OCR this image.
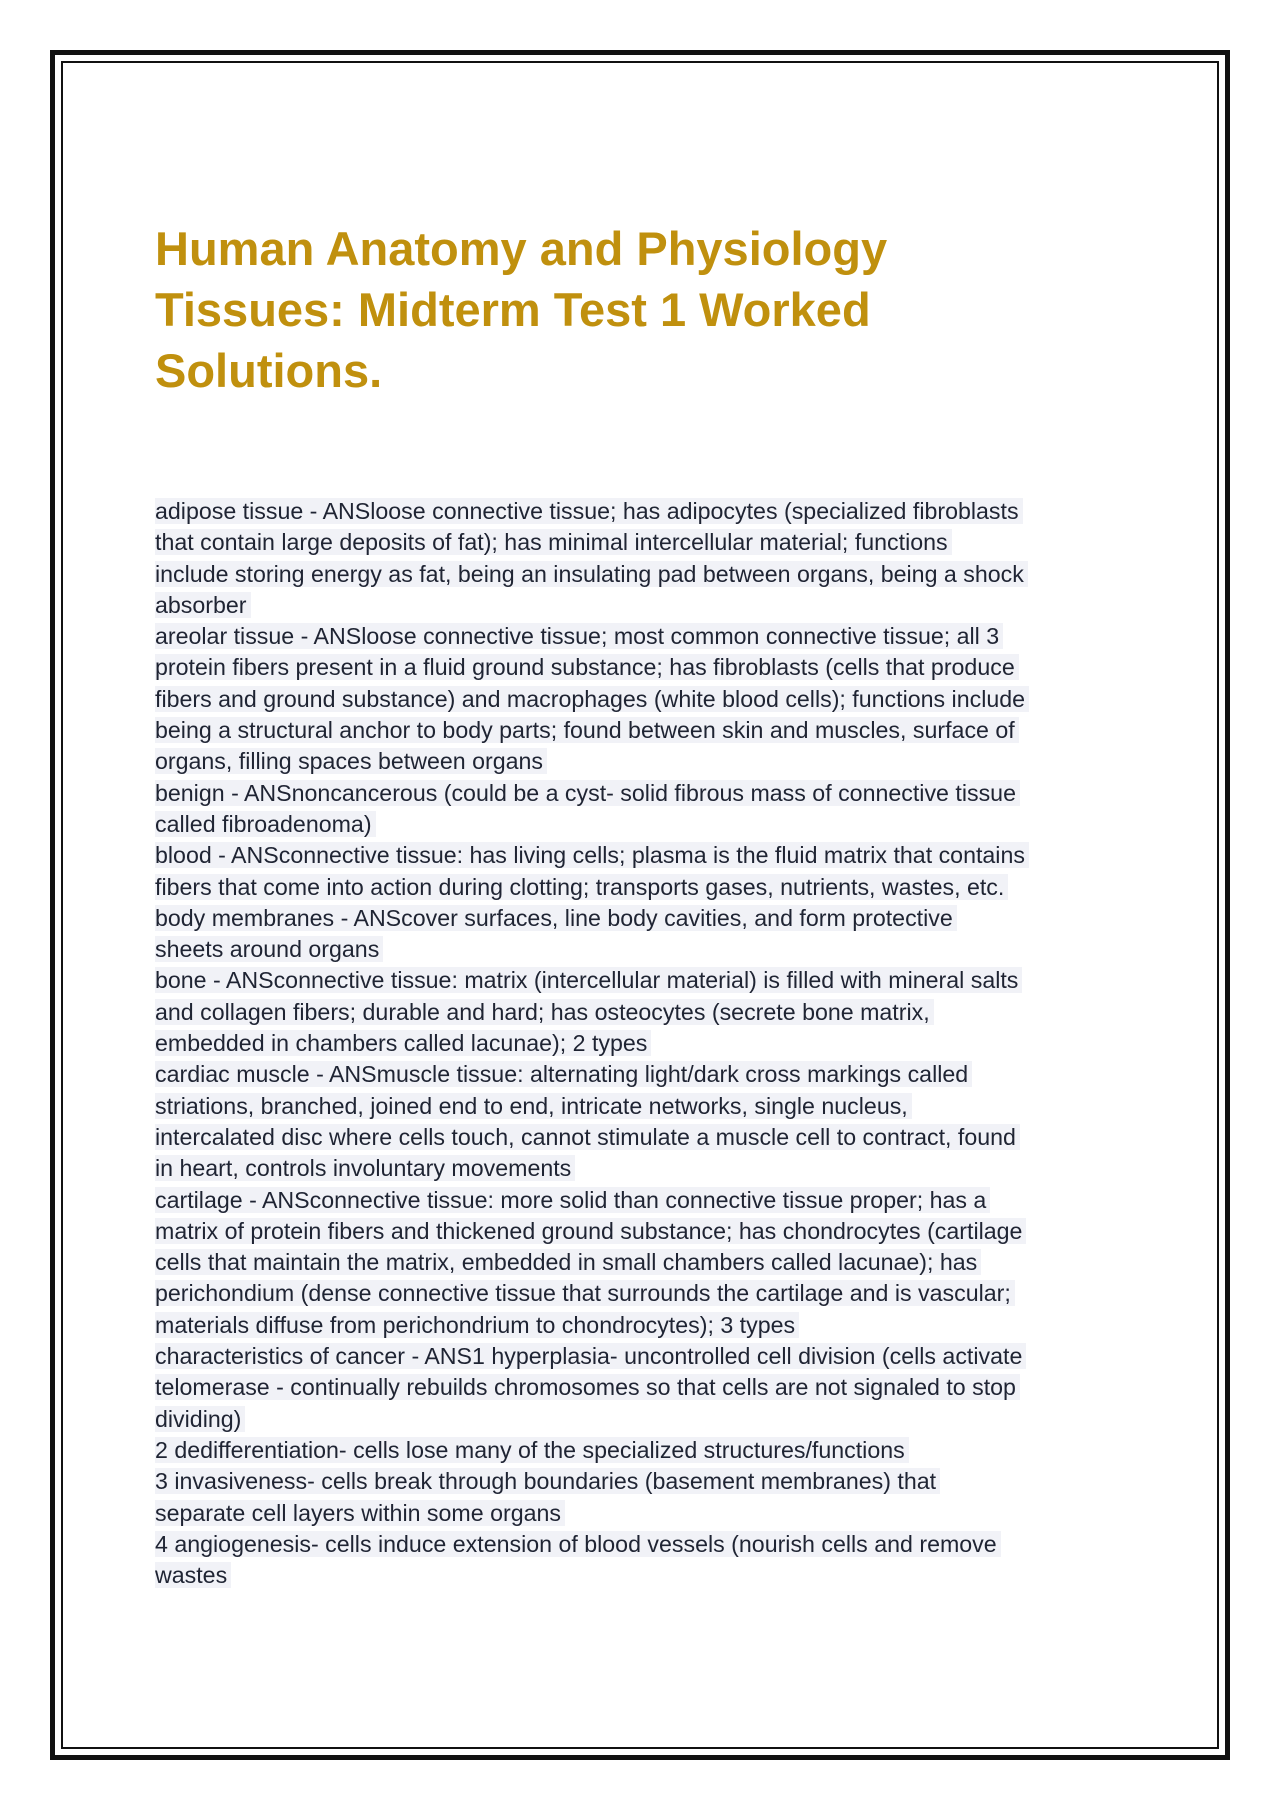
Human Anatomy and Physiology
Tissues: Midterm Test 1 Worked
Solutions.
adipose tissue - ANSloose connective tissue; has adipocytes (specialized fibroblasts
that contain large deposits of fat); has minimal intercellular material; functions
include storing energy as fat, being an insulating pad between organs, being a shock
absorber
areolar tissue - ANSloose connective tissue; most common connective tissue; all 3
protein fibers present in a fluid ground substance; has fibroblasts (cells that produce
fibers and ground substance) and macrophages (white blood cells); functions include
being a structural anchor to body parts; found between skin and muscles, surface of
organs, filling spaces between organs
benign - ANSnoncancerous (could be a cyst- solid fibrous mass of connective tissue
called fibroadenoma)
blood - ANSconnective tissue: has living cells; plasma is the fluid matrix that contains
fibers that come into action during clotting; transports gases, nutrients, wastes, etc.
body membranes - ANScover surfaces, line body cavities, and form protective
sheets around organs
bone - ANSconnective tissue: matrix (intercellular material) is filled with mineral salts
and collagen fibers; durable and hard; has osteocytes (secrete bone matrix,
embedded in chambers called lacunae); 2 types
cardiac muscle - ANSmuscle tissue: alternating light/dark cross markings called
striations, branched, joined end to end, intricate networks, single nucleus,
intercalated disc where cells touch, cannot stimulate a muscle cell to contract, found
in heart, controls involuntary movements
cartilage - ANSconnective tissue: more solid than connective tissue proper; has a
matrix of protein fibers and thickened ground substance; has chondrocytes (cartilage
cells that maintain the matrix, embedded in small chambers called lacunae); has
perichondium (dense connective tissue that surrounds the cartilage and is vascular;
materials diffuse from perichondrium to chondrocytes); 3 types
characteristics of cancer - ANS1 hyperplasia- uncontrolled cell division (cells activate
telomerase - continually rebuilds chromosomes so that cells are not signaled to stop
dividing)
2 dedifferentiation- cells lose many of the specialized structures/functions
3 invasiveness- cells break through boundaries (basement membranes) that
separate cell layers within some organs
4 angiogenesis- cells induce extension of blood vessels (nourish cells and remove
wastes
